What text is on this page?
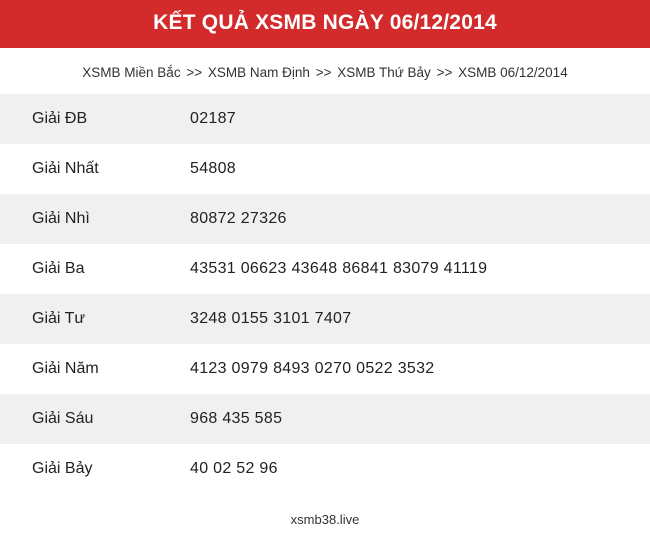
KẾT QUẢ XSMB NGÀY 06/12/2014
XSMB Miền Bắc >> XSMB Nam Định >> XSMB Thứ Bảy >> XSMB 06/12/2014
Giải ĐB	02187
Giải Nhất	54808
Giải Nhì	80872 27326
Giải Ba	43531 06623 43648 86841 83079 41119
Giải Tư	3248 0155 3101 7407
Giải Năm	4123 0979 8493 0270 0522 3532
Giải Sáu	968 435 585
Giải Bảy	40 02 52 96
xsmb38.live
